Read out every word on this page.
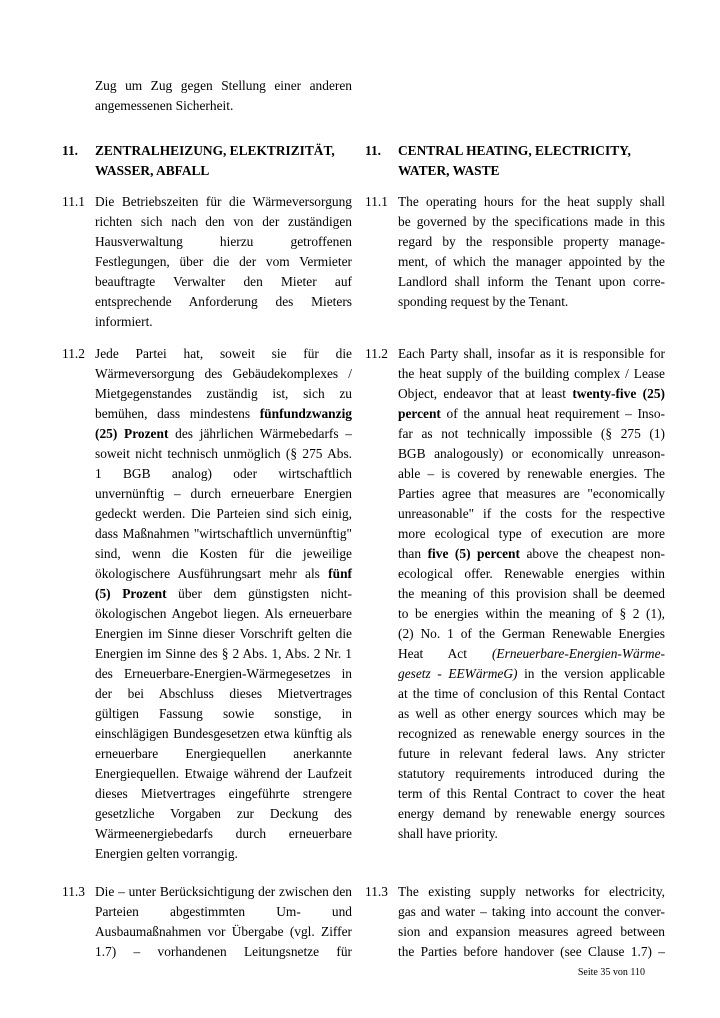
Zug um Zug gegen Stellung einer anderen
angemessenen Sicherheit.
11.	ZENTRALHEIZUNG, ELEKTRIZITÄT,
WASSER, ABFALL
11.	CENTRAL HEATING, ELECTRICITY,
WATER, WASTE
11.1 Die Betriebszeiten für die Wärmeversorgung
richten sich nach den von der zuständigen
Hausverwaltung hierzu getroffenen
Festlegungen, über die der vom Vermieter
beauftragte Verwalter den Mieter auf
entsprechende Anforderung des Mieters
informiert.
11.1 The operating hours for the heat supply shall
be governed by the specifications made in this
regard by the responsible property manage-
ment, of which the manager appointed by the
Landlord shall inform the Tenant upon corre-
sponding request by the Tenant.
11.2 Jede Partei hat, soweit sie für die
Wärmeversorgung des Gebäudekomplexes /
Mietgegenstandes zuständig ist, sich zu
bemühen, dass mindestens fünfundzwanzig
(25) Prozent des jährlichen Wärmebedarfs –
soweit nicht technisch unmöglich (§ 275 Abs.
1 BGB analog) oder wirtschaftlich
unvernünftig – durch erneuerbare Energien
gedeckt werden. Die Parteien sind sich einig,
dass Maßnahmen "wirtschaftlich unvernünftig"
sind, wenn die Kosten für die jeweilige
ökologischere Ausführungsart mehr als fünf
(5) Prozent über dem günstigsten nicht-
ökologischen Angebot liegen. Als erneuerbare
Energien im Sinne dieser Vorschrift gelten die
Energien im Sinne des § 2 Abs. 1, Abs. 2 Nr. 1
des Erneuerbare-Energien-Wärmegesetzes in
der bei Abschluss dieses Mietvertrages
gültigen Fassung sowie sonstige, in
einschlägigen Bundesgesetzen etwa künftig als
erneuerbare Energiequellen anerkannte
Energiequellen. Etwaige während der Laufzeit
dieses Mietvertrages eingeführte strengere
gesetzliche Vorgaben zur Deckung des
Wärmeenergiebedarfs durch erneuerbare
Energien gelten vorrangig.
11.2 Each Party shall, insofar as it is responsible for
the heat supply of the building complex / Lease
Object, endeavor that at least twenty-five (25)
percent of the annual heat requirement – Inso-
far as not technically impossible (§ 275 (1)
BGB analogously) or economically unreason-
able – is covered by renewable energies. The
Parties agree that measures are "economically
unreasonable" if the costs for the respective
more ecological type of execution are more
than five (5) percent above the cheapest non-
ecological offer. Renewable energies within
the meaning of this provision shall be deemed
to be energies within the meaning of § 2 (1),
(2) No. 1 of the German Renewable Energies
Heat Act (Erneuerbare-Energien-Wärme-
gesetz - EEWärmeG) in the version applicable
at the time of conclusion of this Rental Contact
as well as other energy sources which may be
recognized as renewable energy sources in the
future in relevant federal laws. Any stricter
statutory requirements introduced during the
term of this Rental Contract to cover the heat
energy demand by renewable energy sources
shall have priority.
11.3 Die – unter Berücksichtigung der zwischen den
Parteien abgestimmten Um- und
Ausbaumaßnahmen vor Übergabe (vgl. Ziffer
1.7) – vorhandenen Leitungsnetze für
11.3 The existing supply networks for electricity,
gas and water – taking into account the conver-
sion and expansion measures agreed between
the Parties before handover (see Clause 1.7) –
Seite 35 von 110
